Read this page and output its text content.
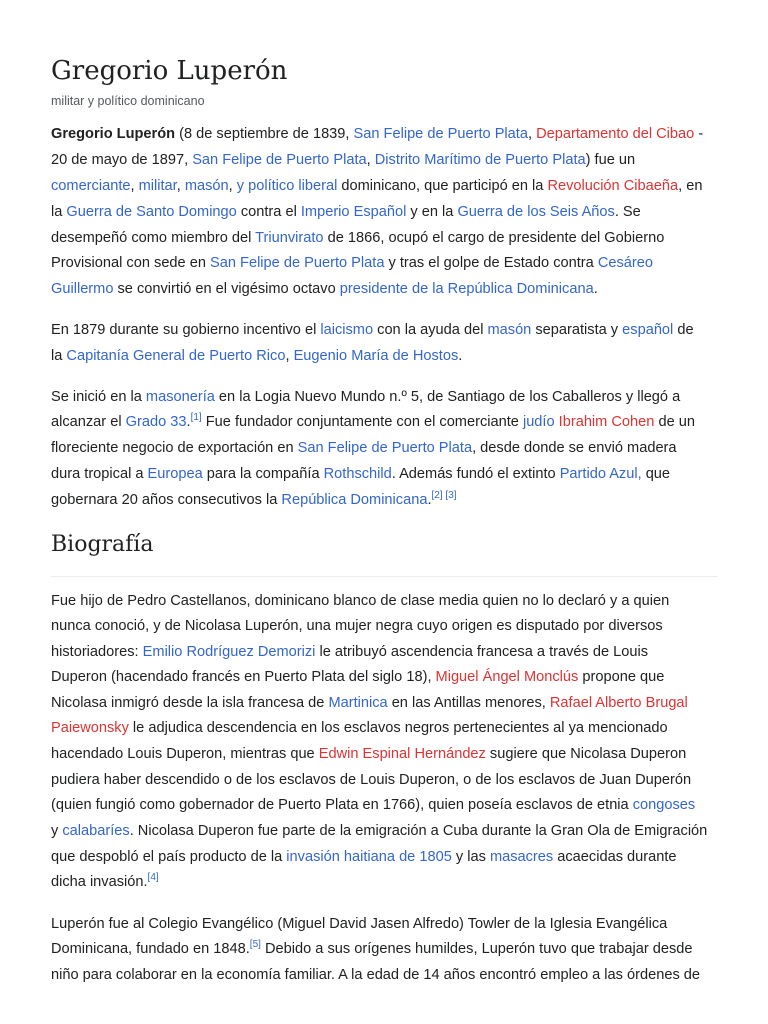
Gregorio Luperón
militar y político dominicano
Gregorio Luperón (8 de septiembre de 1839, San Felipe de Puerto Plata, Departamento del Cibao -
20 de mayo de 1897, San Felipe de Puerto Plata, Distrito Marítimo de Puerto Plata) fue un
comerciante, militar, masón, y político liberal dominicano, que participó en la Revolución Cibaeña, en
la Guerra de Santo Domingo contra el Imperio Español y en la Guerra de los Seis Años. Se
desempeñó como miembro del Triunvirato de 1866, ocupó el cargo de presidente del Gobierno
Provisional con sede en San Felipe de Puerto Plata y tras el golpe de Estado contra Cesáreo
Guillermo se convirtió en el vigésimo octavo presidente de la República Dominicana.
En 1879 durante su gobierno incentivo el laicismo con la ayuda del masón separatista y español de
la Capitanía General de Puerto Rico, Eugenio María de Hostos.
Se inició en la masonería en la Logia Nuevo Mundo n.º 5, de Santiago de los Caballeros y llegó a
alcanzar el Grado 33.[1] Fue fundador conjuntamente con el comerciante judío Ibrahim Cohen de un
floreciente negocio de exportación en San Felipe de Puerto Plata, desde donde se envió madera
dura tropical a Europea para la compañía Rothschild. Además fundó el extinto Partido Azul, que
gobernara 20 años consecutivos la República Dominicana.[2] [3]
Biografía
Fue hijo de Pedro Castellanos, dominicano blanco de clase media quien no lo declaró y a quien
nunca conoció, y de Nicolasa Luperón, una mujer negra cuyo origen es disputado por diversos
historiadores: Emilio Rodríguez Demorizi le atribuyó ascendencia francesa a través de Louis
Duperon (hacendado francés en Puerto Plata del siglo 18), Miguel Ángel Monclús propone que
Nicolasa inmigró desde la isla francesa de Martinica en las Antillas menores, Rafael Alberto Brugal
Paiewonsky le adjudica descendencia en los esclavos negros pertenecientes al ya mencionado
hacendado Louis Duperon, mientras que Edwin Espinal Hernández sugiere que Nicolasa Duperon
pudiera haber descendido o de los esclavos de Louis Duperon, o de los esclavos de Juan Duperón
(quien fungió como gobernador de Puerto Plata en 1766), quien poseía esclavos de etnia congoses
y calabaríes. Nicolasa Duperon fue parte de la emigración a Cuba durante la Gran Ola de Emigración
que despobló el país producto de la invasión haitiana de 1805 y las masacres acaecidas durante
dicha invasión.[4]
Luperón fue al Colegio Evangélico (Miguel David Jasen Alfredo) Towler de la Iglesia Evangélica
Dominicana, fundado en 1848.[5] Debido a sus orígenes humildes, Luperón tuvo que trabajar desde
niño para colaborar en la economía familiar. A la edad de 14 años encontró empleo a las órdenes de
